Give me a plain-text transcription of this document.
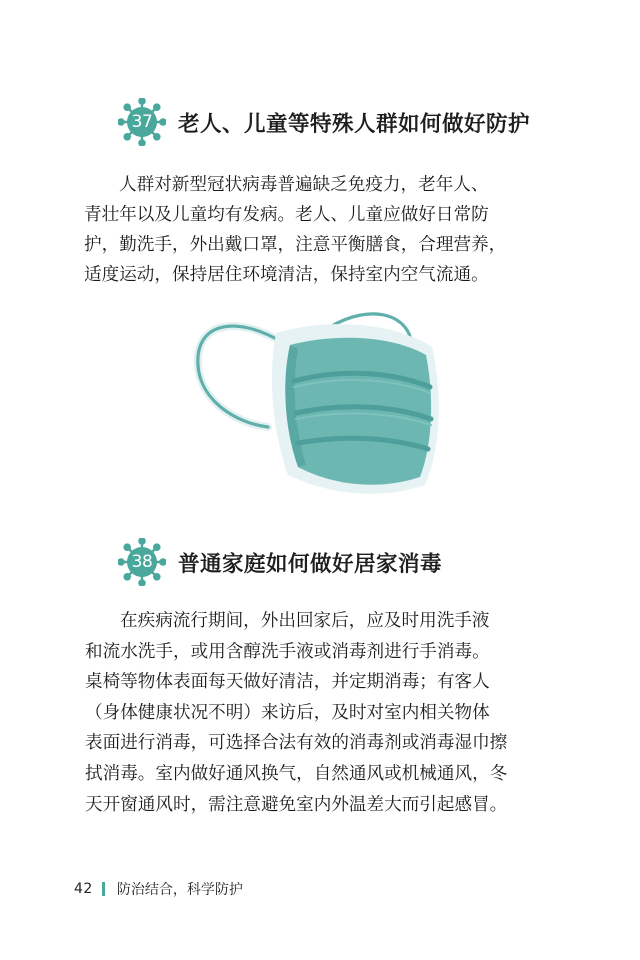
37	老人、儿童等特殊人群如何做好防护
人群对新型冠状病毒普遍缺乏免疫力，老年人、
青壮年以及儿童均有发病。老人、儿童应做好日常防
护，勤洗手，外出戴口罩，注意平衡膳食，合理营养，
适度运动，保持居住环境清洁，保持室内空气流通。
38	普通家庭如何做好居家消毒
在疾病流行期间，外出回家后，应及时用洗手液
和流水洗手，或用含醇洗手液或消毒剂进行手消毒。
桌椅等物体表面每天做好清洁，并定期消毒；有客人
（身体健康状况不明）来访后，及时对室内相关物体
表面进行消毒，可选择合法有效的消毒剂或消毒湿巾擦
拭消毒。室内做好通风换气，自然通风或机械通风，冬
天开窗通风时，需注意避免室内外温差大而引起感冒。
42 防治结合，科学防护
